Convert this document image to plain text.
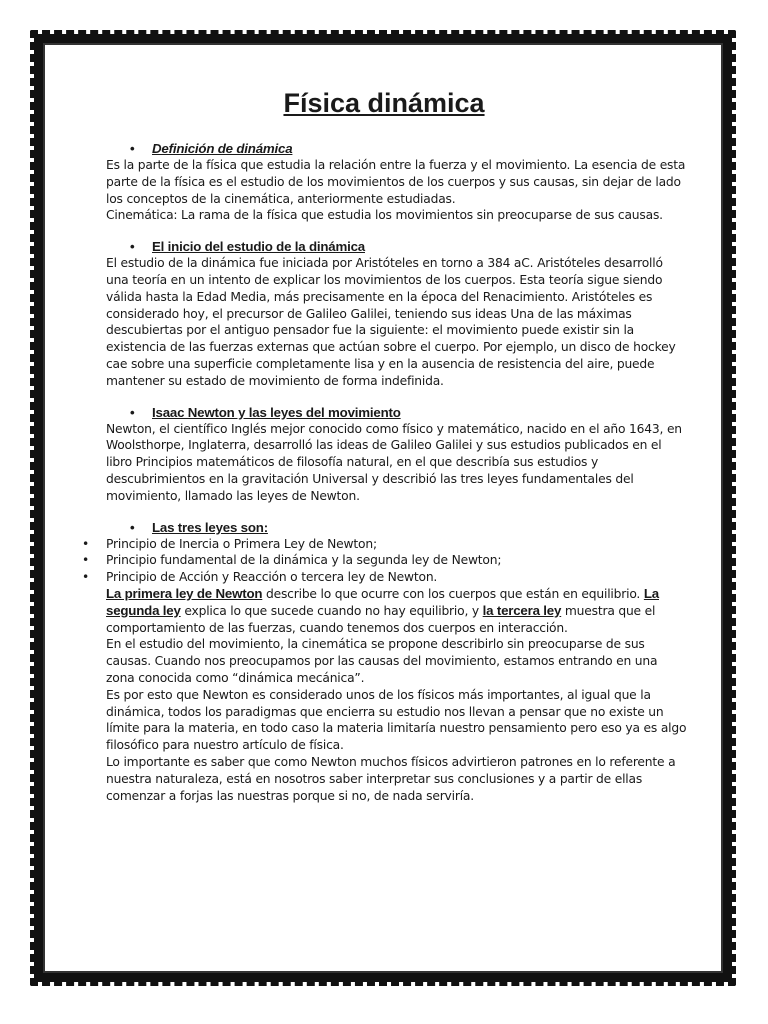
Física dinámica

• Definición de dinámica

Es la parte de la física que estudia la relación entre la fuerza y el movimiento. La esencia de esta parte de la física es el estudio de los movimientos de los cuerpos y sus causas, sin dejar de lado los conceptos de la cinemática, anteriormente estudiadas.

Cinemática: La rama de la física que estudia los movimientos sin preocuparse de sus causas.

• El inicio del estudio de la dinámica

El estudio de la dinámica fue iniciada por Aristóteles en torno a 384 aC. Aristóteles desarrolló una teoría en un intento de explicar los movimientos de los cuerpos. Esta teoría sigue siendo válida hasta la Edad Media, más precisamente en la época del Renacimiento. Aristóteles es considerado hoy, el precursor de Galileo Galilei, teniendo sus ideas Una de las máximas descubiertas por el antiguo pensador fue la siguiente: el movimiento puede existir sin la existencia de las fuerzas externas que actúan sobre el cuerpo. Por ejemplo, un disco de hockey cae sobre una superficie completamente lisa y en la ausencia de resistencia del aire, puede mantener su estado de movimiento de forma indefinida.

• Isaac Newton y las leyes del movimiento

Newton, el científico Inglés mejor conocido como físico y matemático, nacido en el año 1643, en Woolsthorpe, Inglaterra, desarrolló las ideas de Galileo Galilei y sus estudios publicados en el libro Principios matemáticos de filosofía natural, en el que describía sus estudios y descubrimientos en la gravitación Universal y describió las tres leyes fundamentales del movimiento, llamado las leyes de Newton.

• Las tres leyes son:

• Principio de Inercia o Primera Ley de Newton;
• Principio fundamental de la dinámica y la segunda ley de Newton;
• Principio de Acción y Reacción o tercera ley de Newton.

La primera ley de Newton describe lo que ocurre con los cuerpos que están en equilibrio. La segunda ley explica lo que sucede cuando no hay equilibrio, y la tercera ley muestra que el comportamiento de las fuerzas, cuando tenemos dos cuerpos en interacción.

En el estudio del movimiento, la cinemática se propone describirlo sin preocuparse de sus causas. Cuando nos preocupamos por las causas del movimiento, estamos entrando en una zona conocida como “dinámica mecánica”.

Es por esto que Newton es considerado unos de los físicos más importantes, al igual que la dinámica, todos los paradigmas que encierra su estudio nos llevan a pensar que no existe un límite para la materia, en todo caso la materia limitaría nuestro pensamiento pero eso ya es algo filosófico para nuestro artículo de física.

Lo importante es saber que como Newton muchos físicos advirtieron patrones en lo referente a nuestra naturaleza, está en nosotros saber interpretar sus conclusiones y a partir de ellas comenzar a forjas las nuestras porque si no, de nada serviría.
